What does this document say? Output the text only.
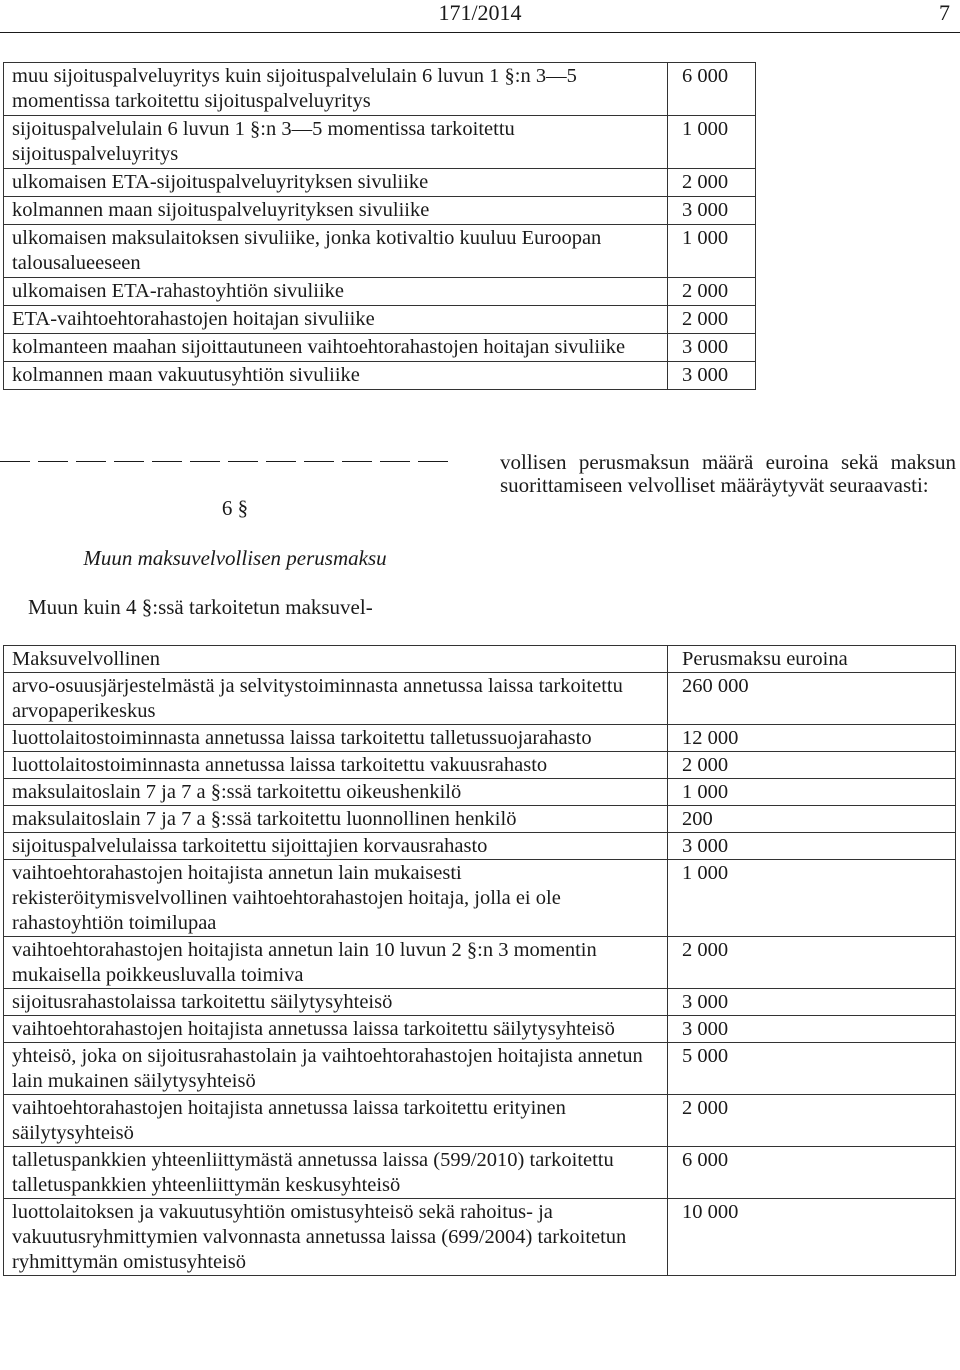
171/2014	7
muu sijoituspalveluyritys kuin sijoituspalvelulain 6 luvun 1 §:n 3—5 momentissa tarkoitettu sijoituspalveluyritys	6 000
sijoituspalvelulain 6 luvun 1 §:n 3—5 momentissa tarkoitettu sijoituspalveluyritys	1 000
ulkomaisen ETA-sijoituspalveluyrityksen sivuliike	2 000
kolmannen maan sijoituspalveluyrityksen sivuliike	3 000
ulkomaisen maksulaitoksen sivuliike, jonka kotivaltio kuuluu Euroopan talousalueeseen	1 000
ulkomaisen ETA-rahastoyhtiön sivuliike	2 000
ETA-vaihtoehtorahastojen hoitajan sivuliike	2 000
kolmanteen maahan sijoittautuneen vaihtoehtorahastojen hoitajan sivuliike	3 000
kolmannen maan vakuutusyhtiön sivuliike	3 000
6 §
Muun maksuvelvollisen perusmaksu
Muun kuin 4 §:ssä tarkoitetun maksuvel-
vollisen perusmaksun määrä euroina sekä maksun suorittamiseen velvolliset määräytyvät seuraavasti:
Maksuvelvollinen	Perusmaksu euroina
arvo-osuusjärjestelmästä ja selvitystoiminnasta annetussa laissa tarkoitettu arvopaperikeskus	260 000
luottolaitostoiminnasta annetussa laissa tarkoitettu talletussuojarahasto	12 000
luottolaitostoiminnasta annetussa laissa tarkoitettu vakuusrahasto	2 000
maksulaitoslain 7 ja 7 a §:ssä tarkoitettu oikeushenkilö	1 000
maksulaitoslain 7 ja 7 a §:ssä tarkoitettu luonnollinen henkilö	200
sijoituspalvelulaissa tarkoitettu sijoittajien korvausrahasto	3 000
vaihtoehtorahastojen hoitajista annetun lain mukaisesti rekisteröitymisvelvollinen vaihtoehtorahastojen hoitaja, jolla ei ole rahastoyhtiön toimilupaa	1 000
vaihtoehtorahastojen hoitajista annetun lain 10 luvun 2 §:n 3 momentin mukaisella poikkeusluvalla toimiva	2 000
sijoitusrahastolaissa tarkoitettu säilytysyhteisö	3 000
vaihtoehtorahastojen hoitajista annetussa laissa tarkoitettu säilytysyhteisö	3 000
yhteisö, joka on sijoitusrahastolain ja vaihtoehtorahastojen hoitajista annetun lain mukainen säilytysyhteisö	5 000
vaihtoehtorahastojen hoitajista annetussa laissa tarkoitettu erityinen säilytysyhteisö	2 000
talletuspankkien yhteenliittymästä annetussa laissa (599/2010) tarkoitettu talletuspankkien yhteenliittymän keskusyhteisö	6 000
luottolaitoksen ja vakuutusyhtiön omistusyhteisö sekä rahoitus- ja vakuutusryhmittymien valvonnasta annetussa laissa (699/2004) tarkoitetun ryhmittymän omistusyhteisö	10 000
